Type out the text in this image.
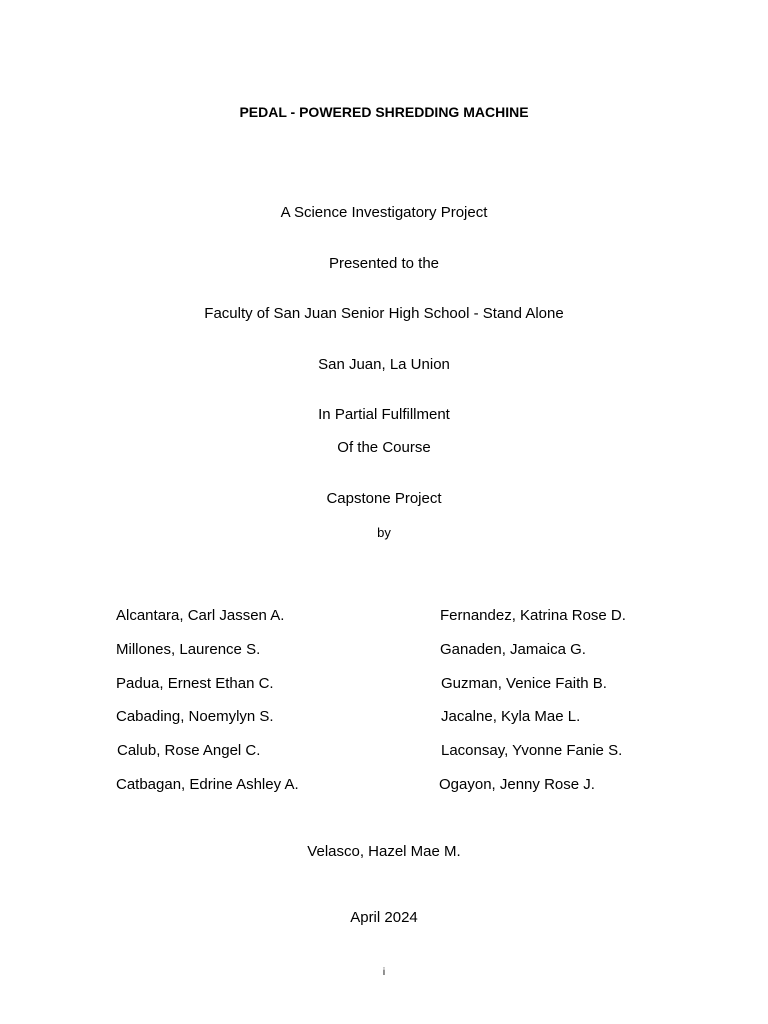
PEDAL - POWERED SHREDDING MACHINE
A Science Investigatory Project
Presented to the
Faculty of San Juan Senior High School - Stand Alone
San Juan, La Union
In Partial Fulfillment
Of the Course
Capstone Project
by
Alcantara, Carl Jassen A.
Millones, Laurence S.
Padua, Ernest Ethan C.
Cabading, Noemylyn S.
Calub, Rose Angel C.
Catbagan, Edrine Ashley A.
Fernandez, Katrina Rose D.
Ganaden, Jamaica G.
Guzman, Venice Faith B.
Jacalne, Kyla Mae L.
Laconsay, Yvonne Fanie S.
Ogayon, Jenny Rose J.
Velasco, Hazel Mae M.
April 2024
i
